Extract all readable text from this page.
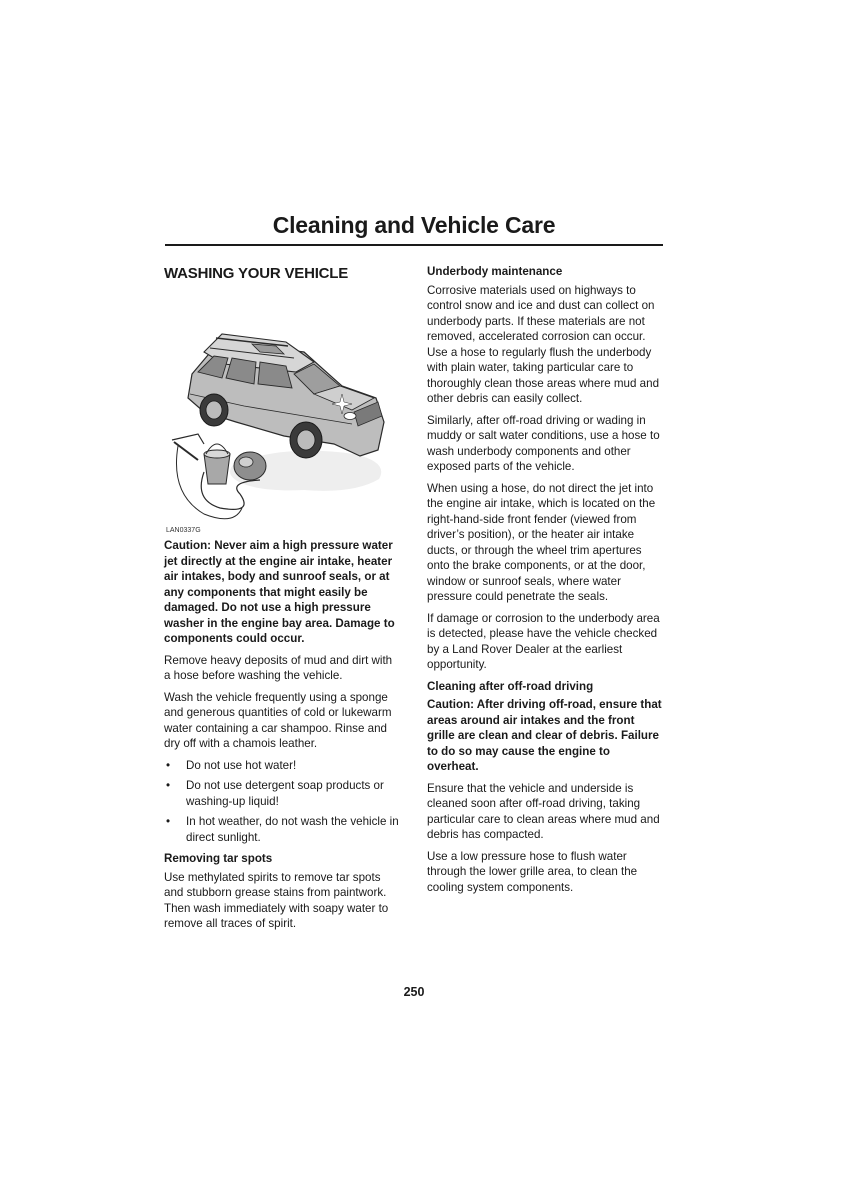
Cleaning and Vehicle Care
WASHING YOUR VEHICLE
LAN0337G

Caution: Never aim a high pressure water jet directly at the engine air intake, heater air intakes, body and sunroof seals, or at any components that might easily be damaged. Do not use a high pressure washer in the engine bay area. Damage to components could occur.

Remove heavy deposits of mud and dirt with a hose before washing the vehicle.

Wash the vehicle frequently using a sponge and generous quantities of cold or lukewarm water containing a car shampoo. Rinse and dry off with a chamois leather.

• Do not use hot water!
• Do not use detergent soap products or washing-up liquid!
• In hot weather, do not wash the vehicle in direct sunlight.

Removing tar spots

Use methylated spirits to remove tar spots and stubborn grease stains from paintwork. Then wash immediately with soapy water to remove all traces of spirit.

Underbody maintenance

Corrosive materials used on highways to control snow and ice and dust can collect on underbody parts. If these materials are not removed, accelerated corrosion can occur. Use a hose to regularly flush the underbody with plain water, taking particular care to thoroughly clean those areas where mud and other debris can easily collect.

Similarly, after off-road driving or wading in muddy or salt water conditions, use a hose to wash underbody components and other exposed parts of the vehicle.

When using a hose, do not direct the jet into the engine air intake, which is located on the right-hand-side front fender (viewed from driver’s position), or the heater air intake ducts, or through the wheel trim apertures onto the brake components, or at the door, window or sunroof seals, where water pressure could penetrate the seals.

If damage or corrosion to the underbody area is detected, please have the vehicle checked by a Land Rover Dealer at the earliest opportunity.

Cleaning after off-road driving

Caution: After driving off-road, ensure that areas around air intakes and the front grille are clean and clear of debris. Failure to do so may cause the engine to overheat.

Ensure that the vehicle and underside is cleaned soon after off-road driving, taking particular care to clean areas where mud and debris has compacted.

Use a low pressure hose to flush water through the lower grille area, to clean the cooling system components.

250
